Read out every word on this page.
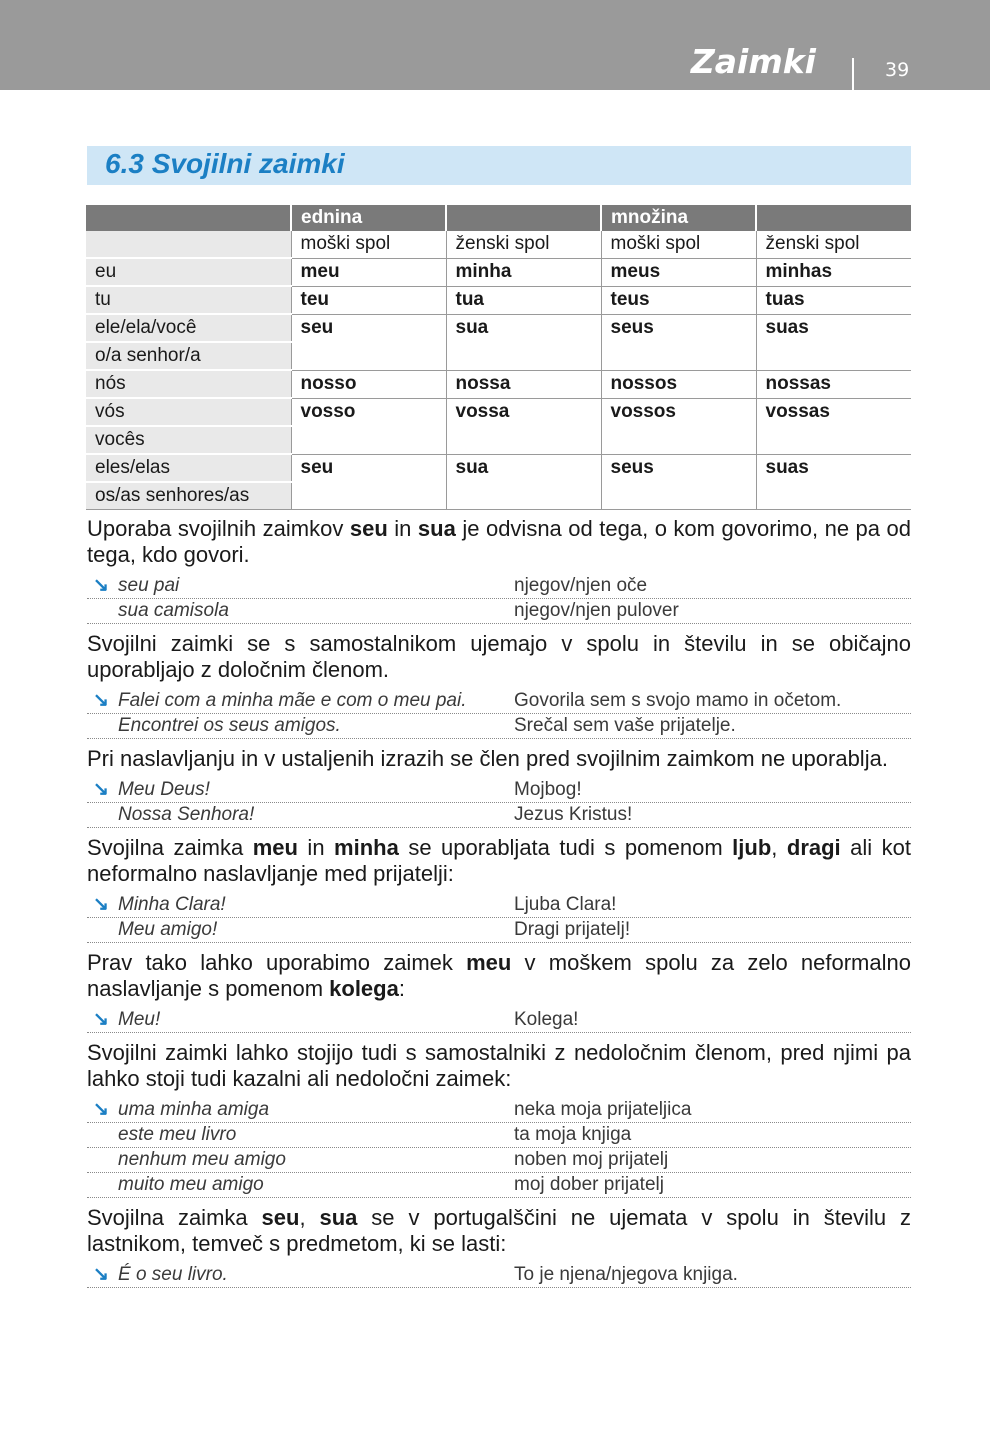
Zaimki	39
6.3 Svojilni zaimki
	ednina		množina	
	moški spol	ženski spol	moški spol	ženski spol
eu	meu	minha	meus	minhas
tu	teu	tua	teus	tuas
ele/ela/você	seu	sua	seus	suas
o/a senhor/a				
nós	nosso	nossa	nossos	nossas
vós	vosso	vossa	vossos	vossas
vocês				
eles/elas	seu	sua	seus	suas
os/as senhores/as				

Uporaba svojilnih zaimkov seu in sua je odvisna od tega, o kom govorimo, ne pa od tega, kdo govori.

↘ seu pai	njegov/njen oče
sua camisola	njegov/njen pulover

Svojilni zaimki se s samostalnikom ujemajo v spolu in številu in se običajno uporabljajo z določnim členom.

↘ Falei com a minha mãe e com o meu pai.	Govorila sem s svojo mamo in očetom.
Encontrei os seus amigos.	Srečal sem vaše prijatelje.

Pri naslavljanju in v ustaljenih izrazih se člen pred svojilnim zaimkom ne uporablja.

↘ Meu Deus!	Mojbog!
Nossa Senhora!	Jezus Kristus!

Svojilna zaimka meu in minha se uporabljata tudi s pomenom ljub, dragi ali kot neformalno naslavljanje med prijatelji:

↘ Minha Clara!	Ljuba Clara!
Meu amigo!	Dragi prijatelj!

Prav tako lahko uporabimo zaimek meu v moškem spolu za zelo neformalno naslavljanje s pomenom kolega:

↘ Meu!	Kolega!

Svojilni zaimki lahko stojijo tudi s samostalniki z nedoločnim členom, pred njimi pa lahko stoji tudi kazalni ali nedoločni zaimek:

↘ uma minha amiga	neka moja prijateljica
este meu livro	ta moja knjiga
nenhum meu amigo	noben moj prijatelj
muito meu amigo	moj dober prijatelj

Svojilna zaimka seu, sua se v portugalščini ne ujemata v spolu in številu z lastnikom, temveč s predmetom, ki se lasti:

↘ É o seu livro.	To je njena/njegova knjiga.
